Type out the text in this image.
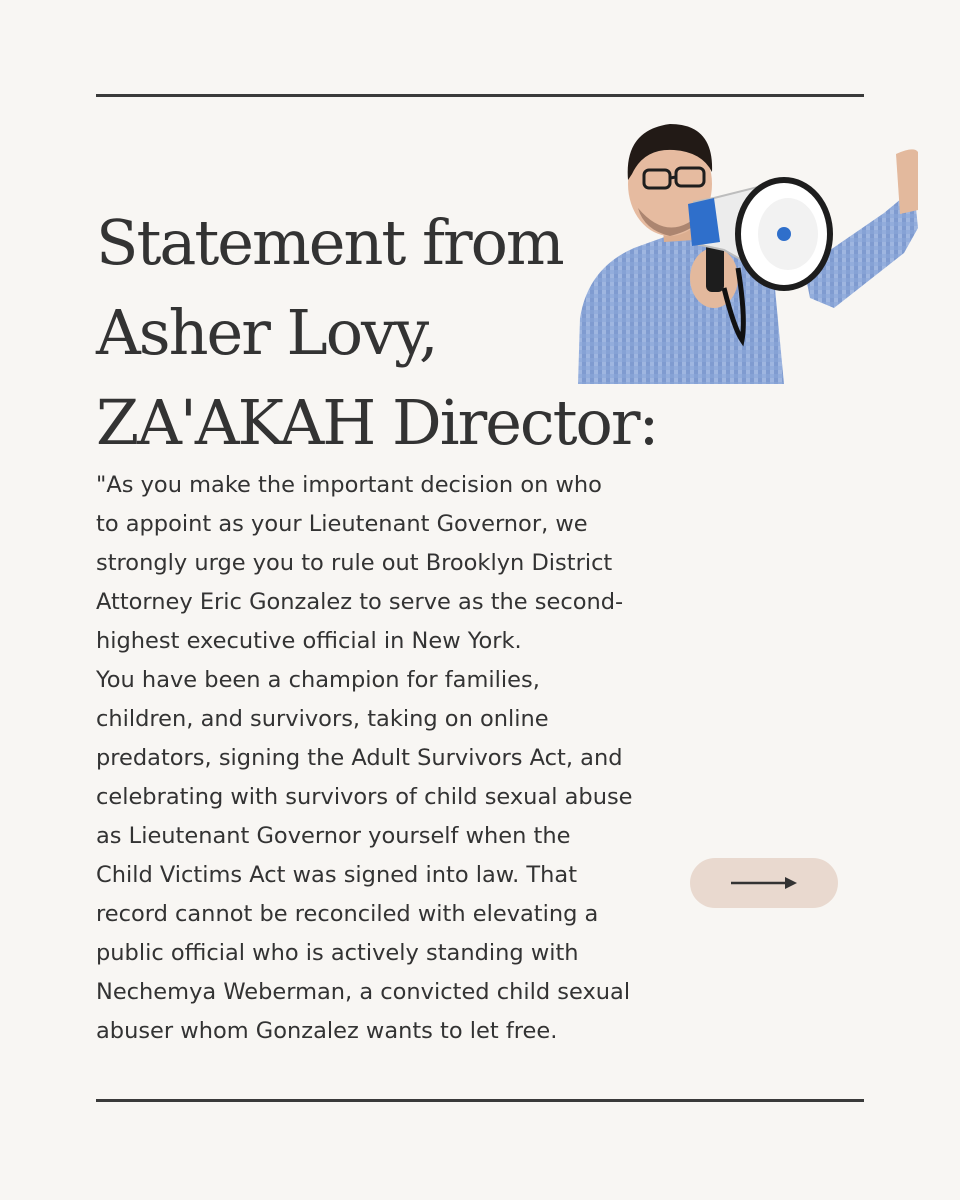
Statement from
Asher Lovy,
ZA'AKAH Director:
"As you make the important decision on who
to appoint as your Lieutenant Governor, we
strongly urge you to rule out Brooklyn District
Attorney Eric Gonzalez to serve as the second-
highest executive official in New York.
You have been a champion for families,
children, and survivors, taking on online
predators, signing the Adult Survivors Act, and
celebrating with survivors of child sexual abuse
as Lieutenant Governor yourself when the
Child Victims Act was signed into law. That
record cannot be reconciled with elevating a
public official who is actively standing with
Nechemya Weberman, a convicted child sexual
abuser whom Gonzalez wants to let free.
